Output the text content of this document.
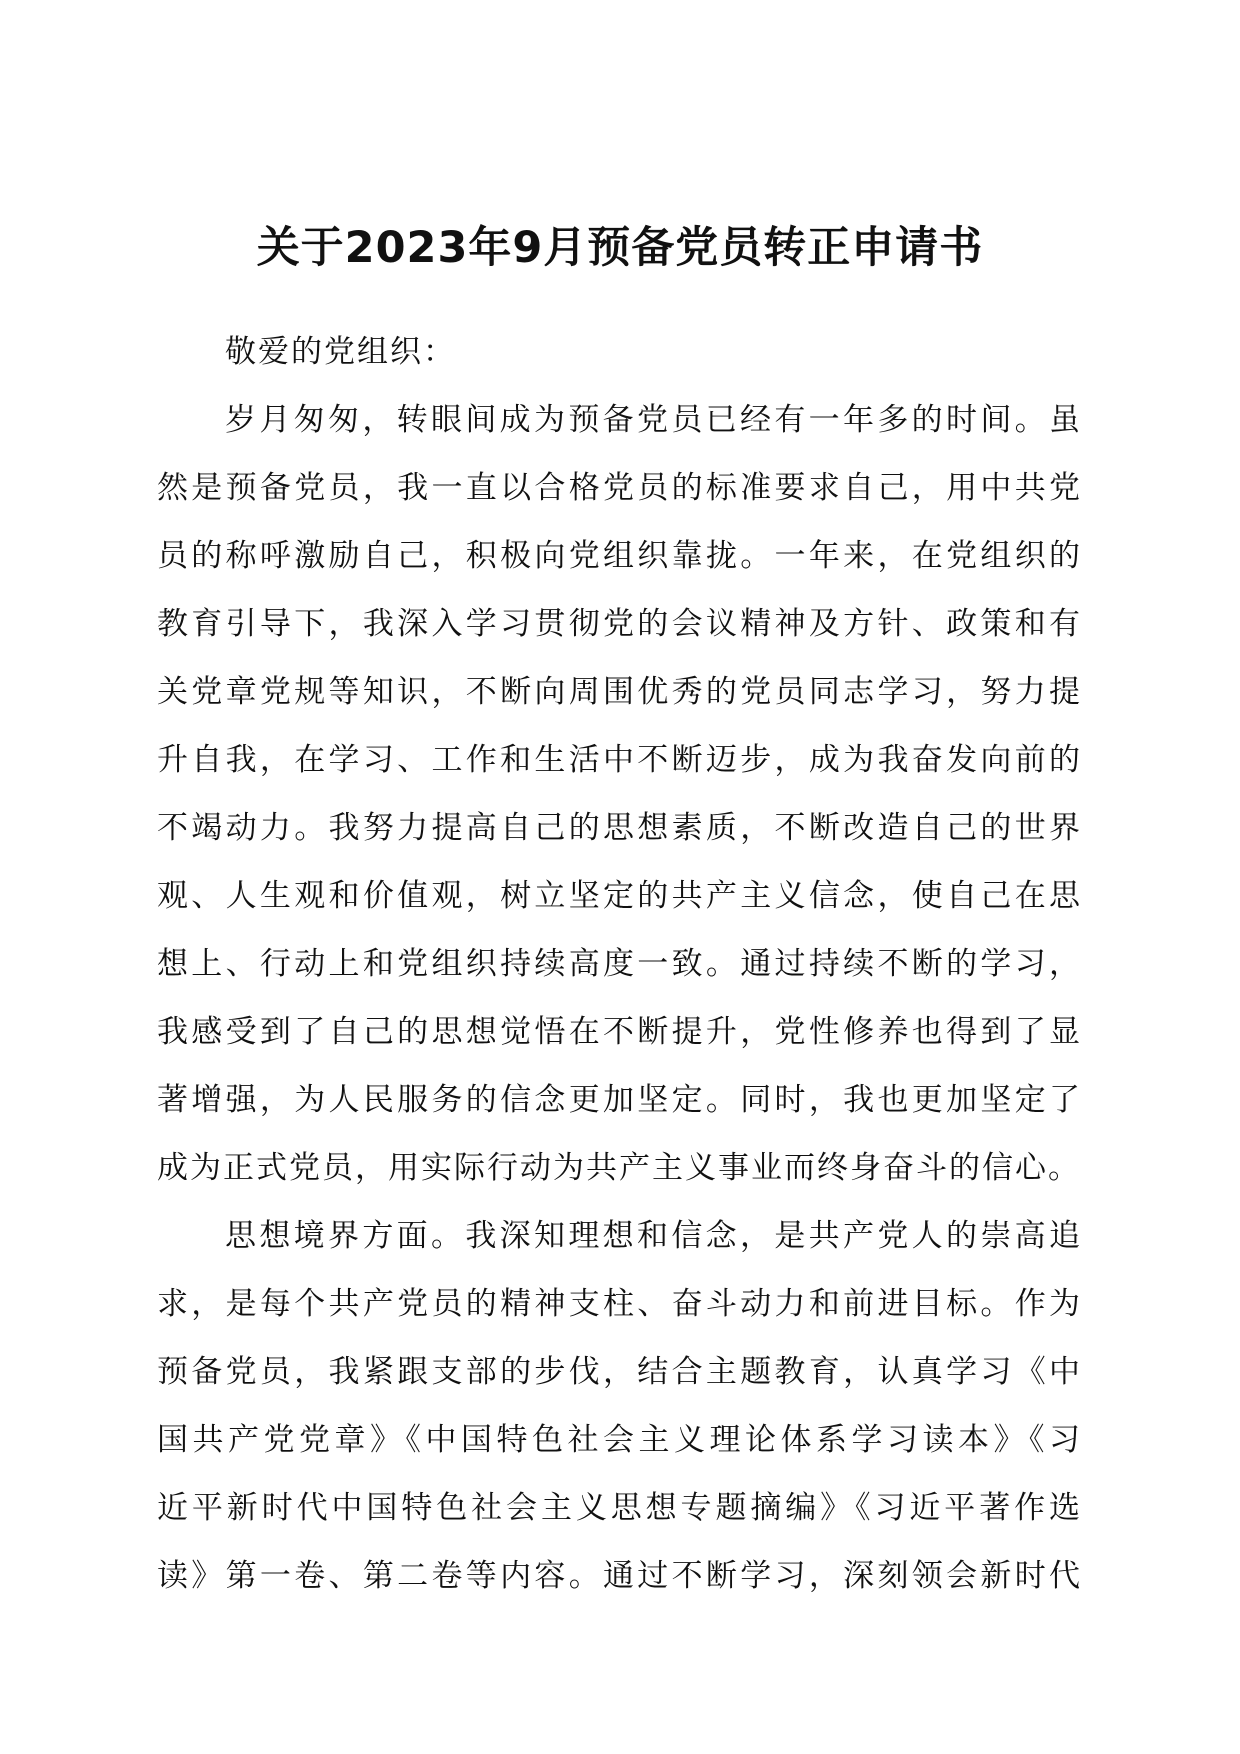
关于2023年9月预备党员转正申请书
敬爱的党组织：
岁月匆匆，转眼间成为预备党员已经有一年多的时间。虽
然是预备党员，我一直以合格党员的标准要求自己，用中共党
员的称呼激励自己，积极向党组织靠拢。一年来，在党组织的
教育引导下，我深入学习贯彻党的会议精神及方针、政策和有
关党章党规等知识，不断向周围优秀的党员同志学习，努力提
升自我，在学习、工作和生活中不断迈步，成为我奋发向前的
不竭动力。我努力提高自己的思想素质，不断改造自己的世界
观、人生观和价值观，树立坚定的共产主义信念，使自己在思
想上、行动上和党组织持续高度一致。通过持续不断的学习，
我感受到了自己的思想觉悟在不断提升，党性修养也得到了显
著增强，为人民服务的信念更加坚定。同时，我也更加坚定了
成为正式党员，用实际行动为共产主义事业而终身奋斗的信心。
思想境界方面。我深知理想和信念，是共产党人的崇高追
求，是每个共产党员的精神支柱、奋斗动力和前进目标。作为
预备党员，我紧跟支部的步伐，结合主题教育，认真学习《中
国共产党党章》《中国特色社会主义理论体系学习读本》《习
近平新时代中国特色社会主义思想专题摘编》《习近平著作选
读》第一卷、第二卷等内容。通过不断学习，深刻领会新时代
